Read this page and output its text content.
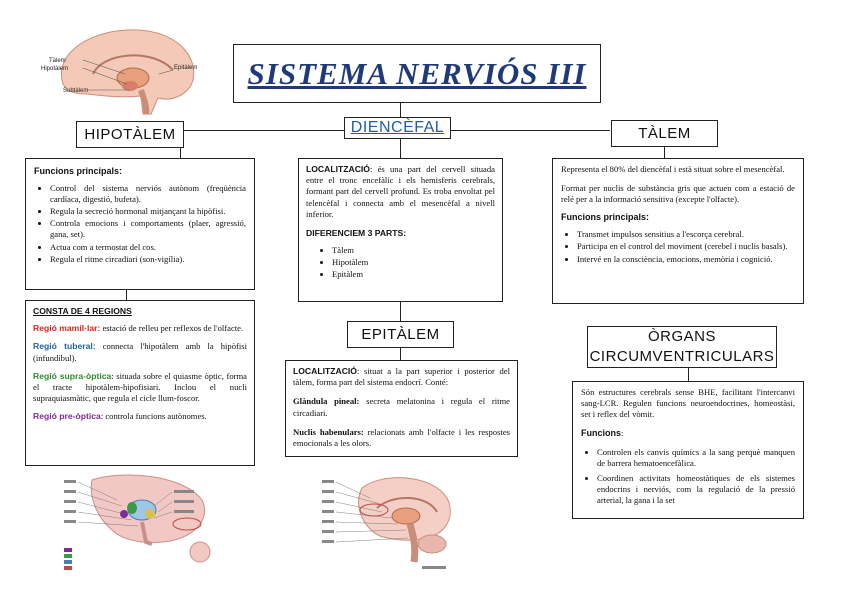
SISTEMA NERVIÓS III
Tàlem
Hipotàlem	Epitàlem
Subtàlem
HIPOTÀLEM	DIENCÈFAL	TÀLEM
EPITÀLEM	ÒRGANS
CIRCUMVENTRICULARS

Funcions principals:

• Control del sistema nerviós autònom (freqüència cardíaca, digestió, bufeta).
• Regula la secreció hormonal mitjançant la hipòfisi.
• Controla emocions i comportaments (plaer, agressió, gana, set).
• Actua com a termostat del cos.
• Regula el ritme circadiari (son-vigília).

CONSTA DE 4 REGIONS

Regió mamil·lar: estació de relleu per reflexos de l'olfacte.

Regió tuberal: connecta l'hipotàlem amb la hipòfisi (infundíbul).

Regió supra-òptica: situada sobre el quiasme òptic, forma el tracte hipotàlem-hipofisiari. Inclou el nucli supraquiasmàtic, que regula el cicle llum-foscor.

Regió pre-òptica: controla funcions autònomes.

LOCALITZACIÓ: és una part del cervell situada entre el tronc encefàlic i els hemisferis cerebrals, formant part del cervell profund. Es troba envoltat pel telencèfal i connecta amb el mesencèfal a nivell inferior.

DIFERENCIEM 3 PARTS:

• Tàlem
• Hipotàlem
• Epitàlem

LOCALITZACIÓ: situat a la part superior i posterior del tàlem, forma part del sistema endocrí. Conté:

Glàndula pineal: secreta melatonina i regula el ritme circadiari.

Nuclis habenulars: relacionats amb l'olfacte i les respostes emocionals a les olors.

Representa el 80% del diencèfal i està situat sobre el mesencèfal.

Format per nuclis de substància gris que actuen com a estació de relé per a la informació sensitiva (excepte l'olfacte).

Funcions principals:

• Transmet impulsos sensitius a l'escorça cerebral.
• Participa en el control del moviment (cerebel i nuclis basals).
• Intervé en la consciència, emocions, memòria i cognició.

Són estructures cerebrals sense BHE, facilitant l'intercanvi sang-LCR. Regulen funcions neuroendocrines, homeostàsi, set i reflex del vòmit.

Funcions:

• Controlen els canvis químics a la sang perquè manquen de barrera hematoencefàlica.
• Coordinen activitats homeostàtiques de els sistemes endocrins i nerviós, com la regulació de la pressió arterial, la gana i la set
